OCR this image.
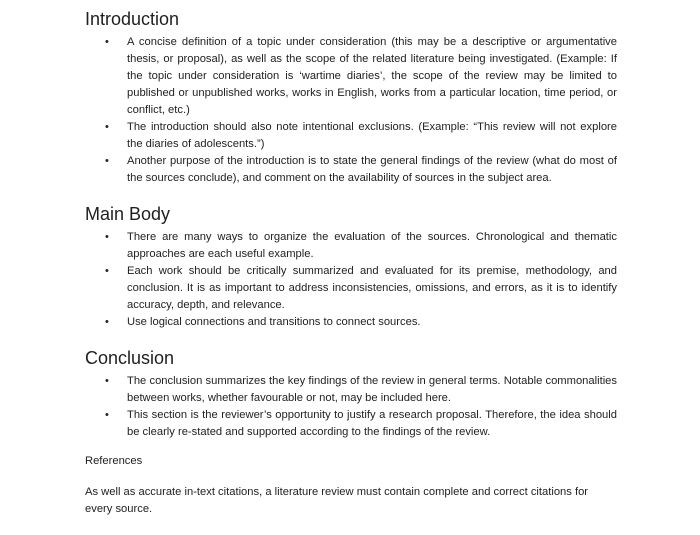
Introduction
• A concise definition of a topic under consideration (this may be a descriptive or argumentative thesis, or proposal), as well as the scope of the related literature being investigated. (Example: If the topic under consideration is ‘wartime diaries’, the scope of the review may be limited to published or unpublished works, works in English, works from a particular location, time period, or conflict, etc.)
• The introduction should also note intentional exclusions. (Example: “This review will not explore the diaries of adolescents.”)
• Another purpose of the introduction is to state the general findings of the review (what do most of the sources conclude), and comment on the availability of sources in the subject area.
Main Body
• There are many ways to organize the evaluation of the sources. Chronological and thematic approaches are each useful example.
• Each work should be critically summarized and evaluated for its premise, methodology, and conclusion. It is as important to address inconsistencies, omissions, and errors, as it is to identify accuracy, depth, and relevance.
• Use logical connections and transitions to connect sources.
Conclusion
• The conclusion summarizes the key findings of the review in general terms. Notable commonalities between works, whether favourable or not, may be included here.
• This section is the reviewer’s opportunity to justify a research proposal. Therefore, the idea should be clearly re-stated and supported according to the findings of the review.

References

As well as accurate in-text citations, a literature review must contain complete and correct citations for every source.
